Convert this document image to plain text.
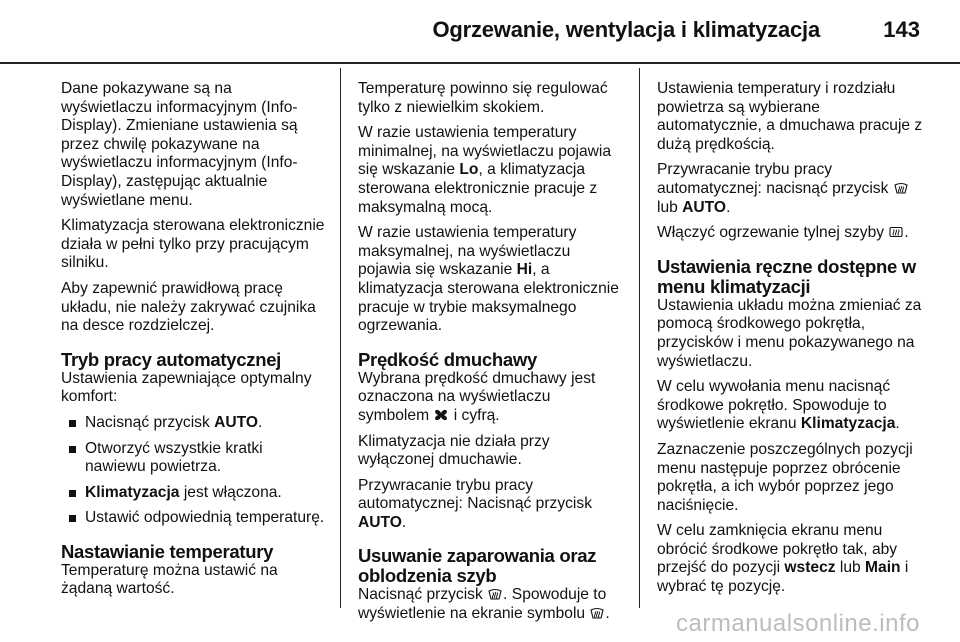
Ogrzewanie, wentylacja i klimatyzacja	143

Dane pokazywane są na wyświetlaczu informacyjnym (Info-Display). Zmieniane ustawienia są przez chwilę pokazywane na wyświetlaczu informacyjnym (Info-Display), zastępując aktualnie wyświetlane menu.

Klimatyzacja sterowana elektronicznie działa w pełni tylko przy pracującym silniku.

Aby zapewnić prawidłową pracę układu, nie należy zakrywać czujnika na desce rozdzielczej.

Tryb pracy automatycznej

Ustawienia zapewniające optymalny komfort:

Nacisnąć przycisk AUTO.
Otworzyć wszystkie kratki nawiewu powietrza.
Klimatyzacja jest włączona.
Ustawić odpowiednią temperaturę.
Nastawianie temperatury

Temperaturę można ustawić na żądaną wartość.

Temperaturę powinno się regulować tylko z niewielkim skokiem.

W razie ustawienia temperatury minimalnej, na wyświetlaczu pojawia się wskazanie Lo, a klimatyzacja sterowana elektronicznie pracuje z maksymalną mocą.

W razie ustawienia temperatury maksymalnej, na wyświetlaczu pojawia się wskazanie Hi, a klimatyzacja sterowana elektronicznie pracuje w trybie maksymalnego ogrzewania.

Prędkość dmuchawy

Wybrana prędkość dmuchawy jest oznaczona na wyświetlaczu symbolem  i cyfrą.

Klimatyzacja nie działa przy wyłączonej dmuchawie.

Przywracanie trybu pracy automatycznej: Nacisnąć przycisk AUTO.

Usuwanie zaparowania oraz oblodzenia szyb

Nacisnąć przycisk . Spowoduje to wyświetlenie na ekranie symbolu .

Ustawienia temperatury i rozdziału powietrza są wybierane automatycznie, a dmuchawa pracuje z dużą prędkością.

Przywracanie trybu pracy automatycznej: nacisnąć przycisk  lub AUTO.

Włączyć ogrzewanie tylnej szyby .

Ustawienia ręczne dostępne w menu klimatyzacji

Ustawienia układu można zmieniać za pomocą środkowego pokrętła, przycisków i menu pokazywanego na wyświetlaczu.

W celu wywołania menu nacisnąć środkowe pokrętło. Spowoduje to wyświetlenie ekranu Klimatyzacja.

Zaznaczenie poszczególnych pozycji menu następuje poprzez obrócenie pokrętła, a ich wybór poprzez jego naciśnięcie.

W celu zamknięcia ekranu menu obrócić środkowe pokrętło tak, aby przejść do pozycji wstecz lub Main i wybrać tę pozycję.

carmanualsonline.info
